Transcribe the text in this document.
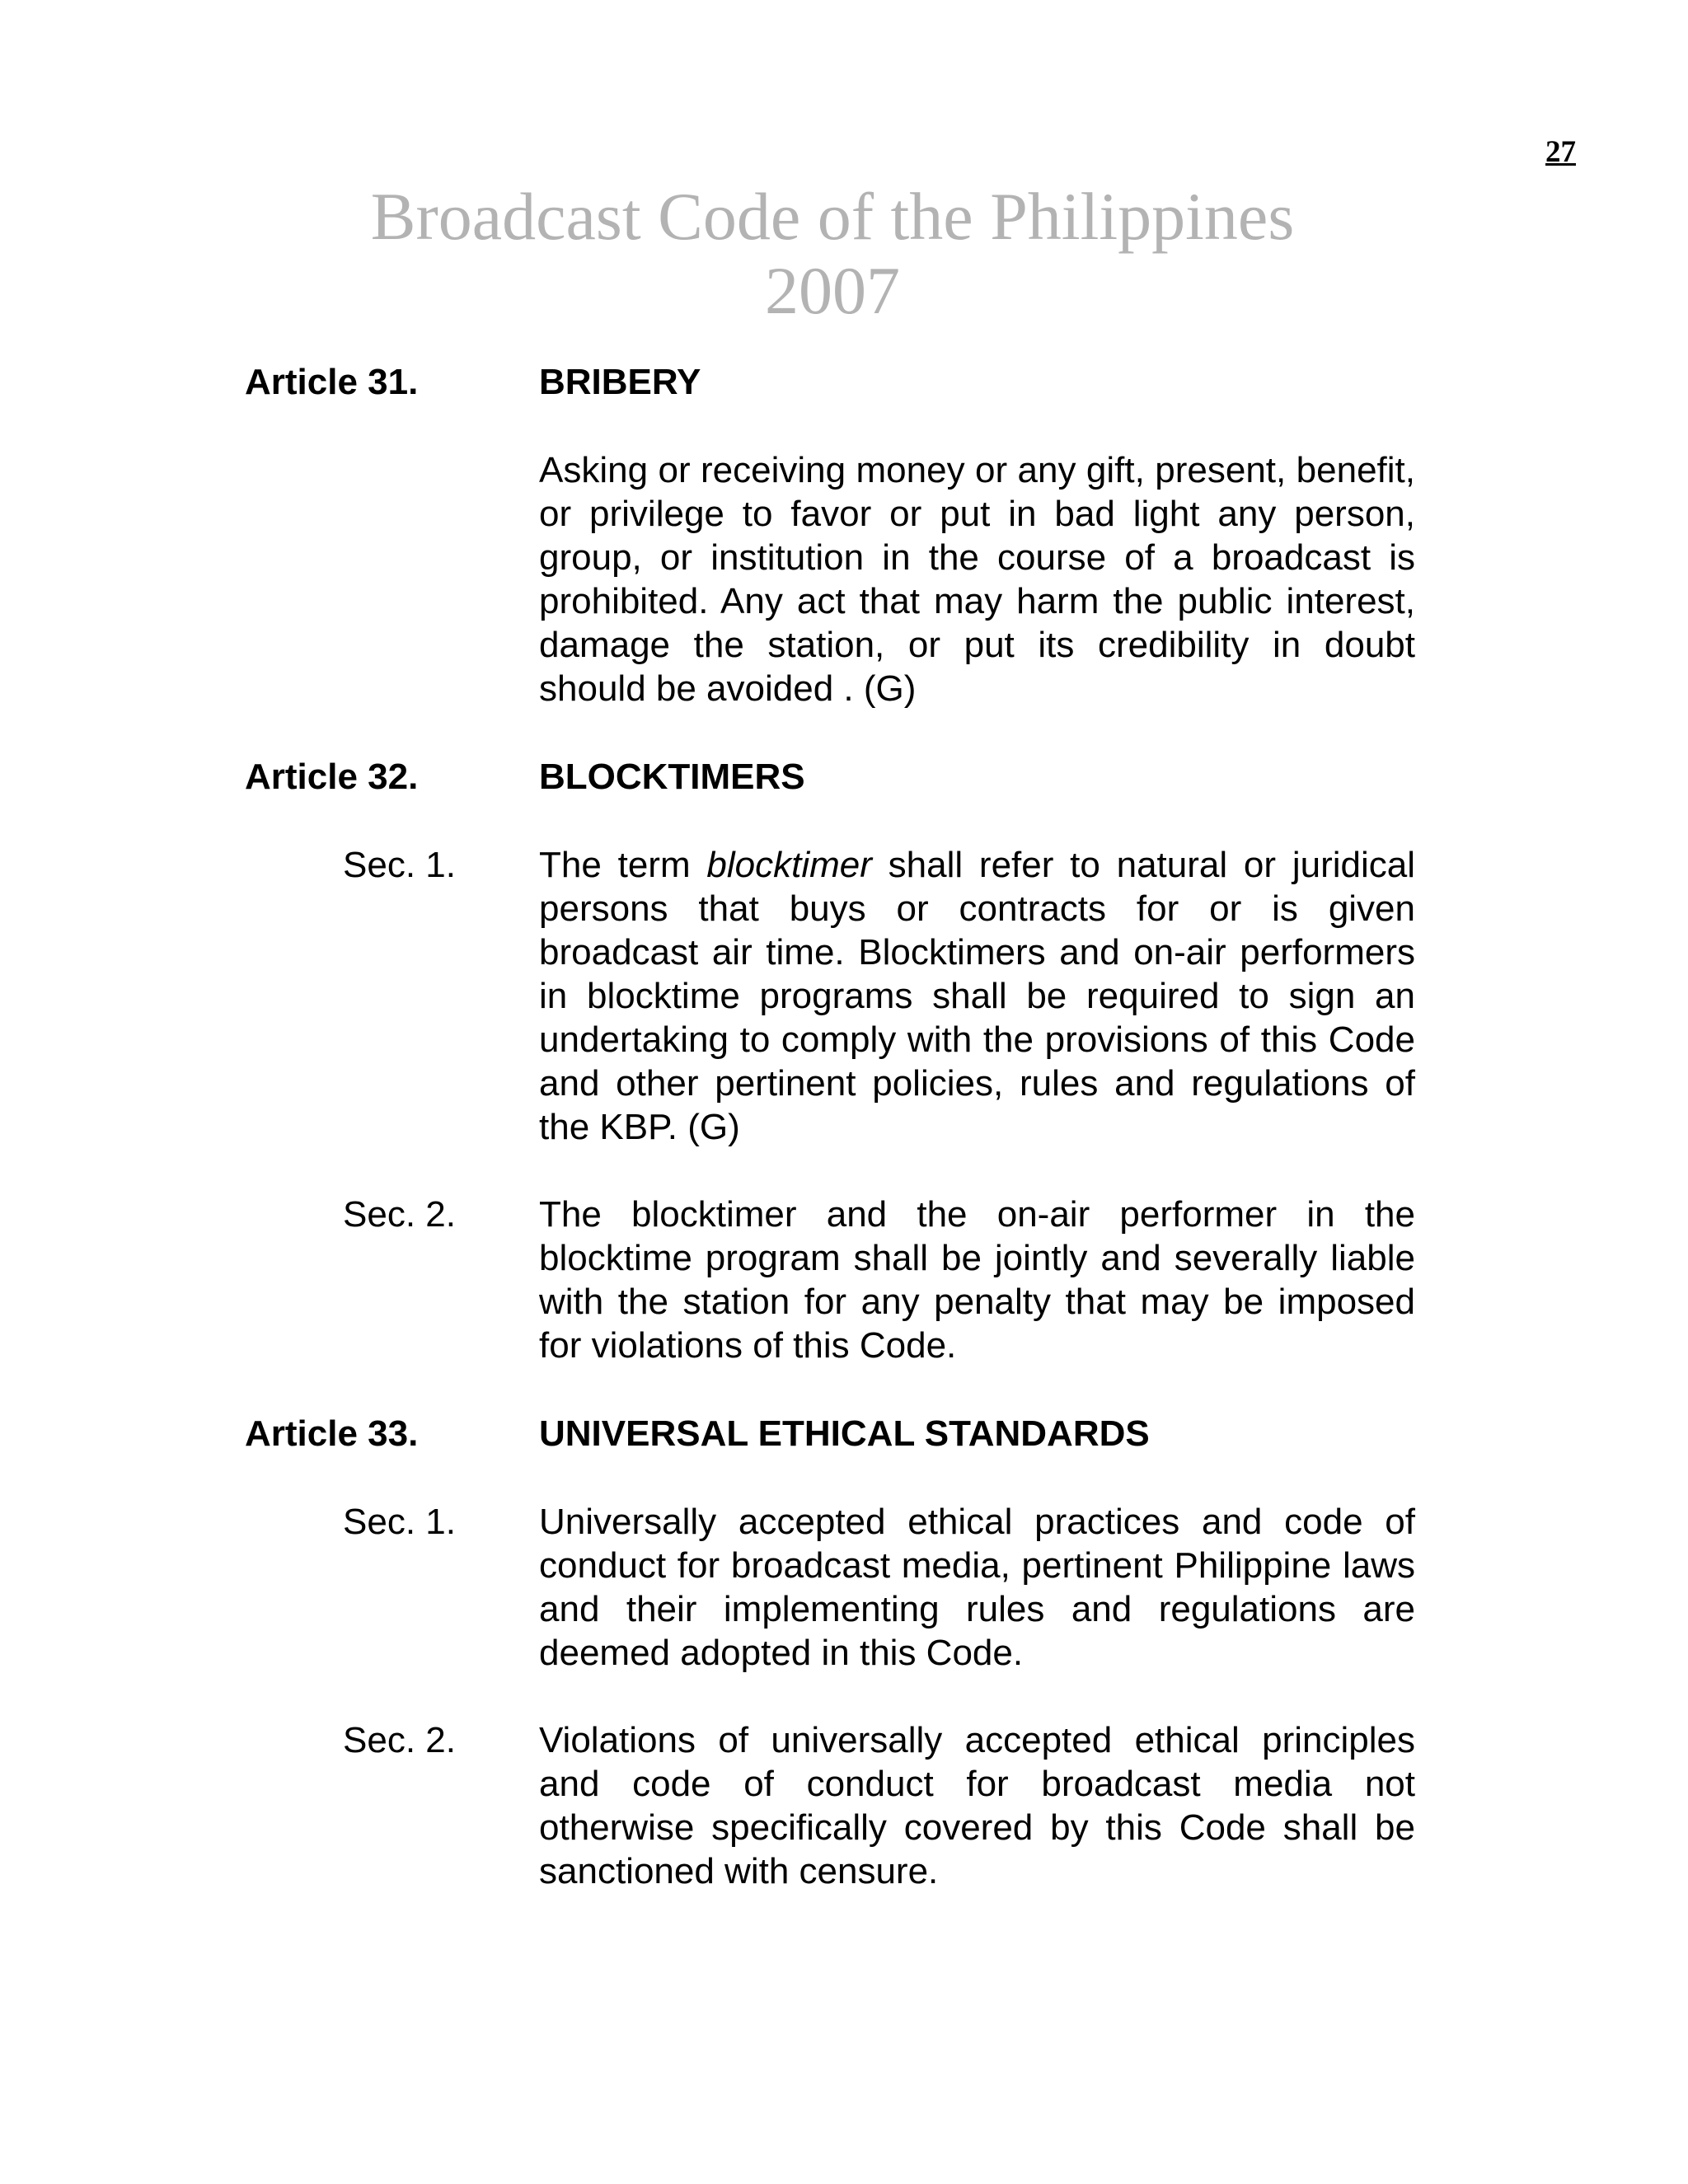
27
Broadcast Code of the Philippines
2007
Article 31.	BRIBERY
Asking or receiving money or any gift, present, benefit, or privilege to favor or put in bad light any person, group, or institution in the course of a broadcast is prohibited. Any act that may harm the public interest, damage the station, or put its credibility in doubt should be avoided . (G)
Article 32.	BLOCKTIMERS
Sec. 1. The term blocktimer shall refer to natural or juridical persons that buys or contracts for or is given broadcast air time. Blocktimers and on-air performers in blocktime programs shall be required to sign an undertaking to comply with the provisions of this Code and other pertinent policies, rules and regulations of the KBP. (G)
Sec. 2. The blocktimer and the on-air performer in the blocktime program shall be jointly and severally liable with the station for any penalty that may be imposed for violations of this Code.
Article 33.	UNIVERSAL ETHICAL STANDARDS
Sec. 1. Universally accepted ethical practices and code of conduct for broadcast media, pertinent Philippine laws and their implementing rules and regulations are deemed adopted in this Code.
Sec. 2. Violations of universally accepted ethical principles and code of conduct for broadcast media not otherwise specifically covered by this Code shall be sanctioned with censure.
